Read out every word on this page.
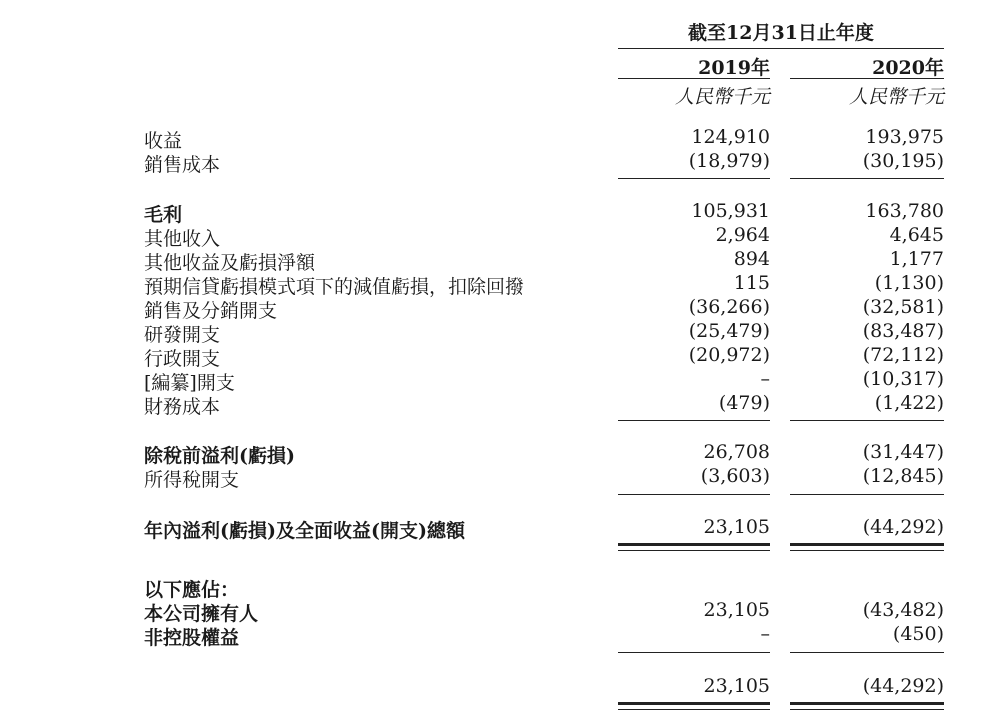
截至12月31日止年度
2019年	2020年
人民幣千元	人民幣千元
收益	124,910	193,975
銷售成本	(18,979)	(30,195)
毛利	105,931	163,780
其他收入	2,964	4,645
其他收益及虧損淨額	894	1,177
預期信貸虧損模式項下的減值虧損，扣除回撥	115	(1,130)
銷售及分銷開支	(36,266)	(32,581)
研發開支	(25,479)	(83,487)
行政開支	(20,972)	(72,112)
[編纂]開支	–	(10,317)
財務成本	(479)	(1,422)
除稅前溢利(虧損)	26,708	(31,447)
所得稅開支	(3,603)	(12,845)
年內溢利(虧損)及全面收益(開支)總額	23,105	(44,292)
以下應佔：
本公司擁有人	23,105	(43,482)
非控股權益	–	(450)
23,105	(44,292)
